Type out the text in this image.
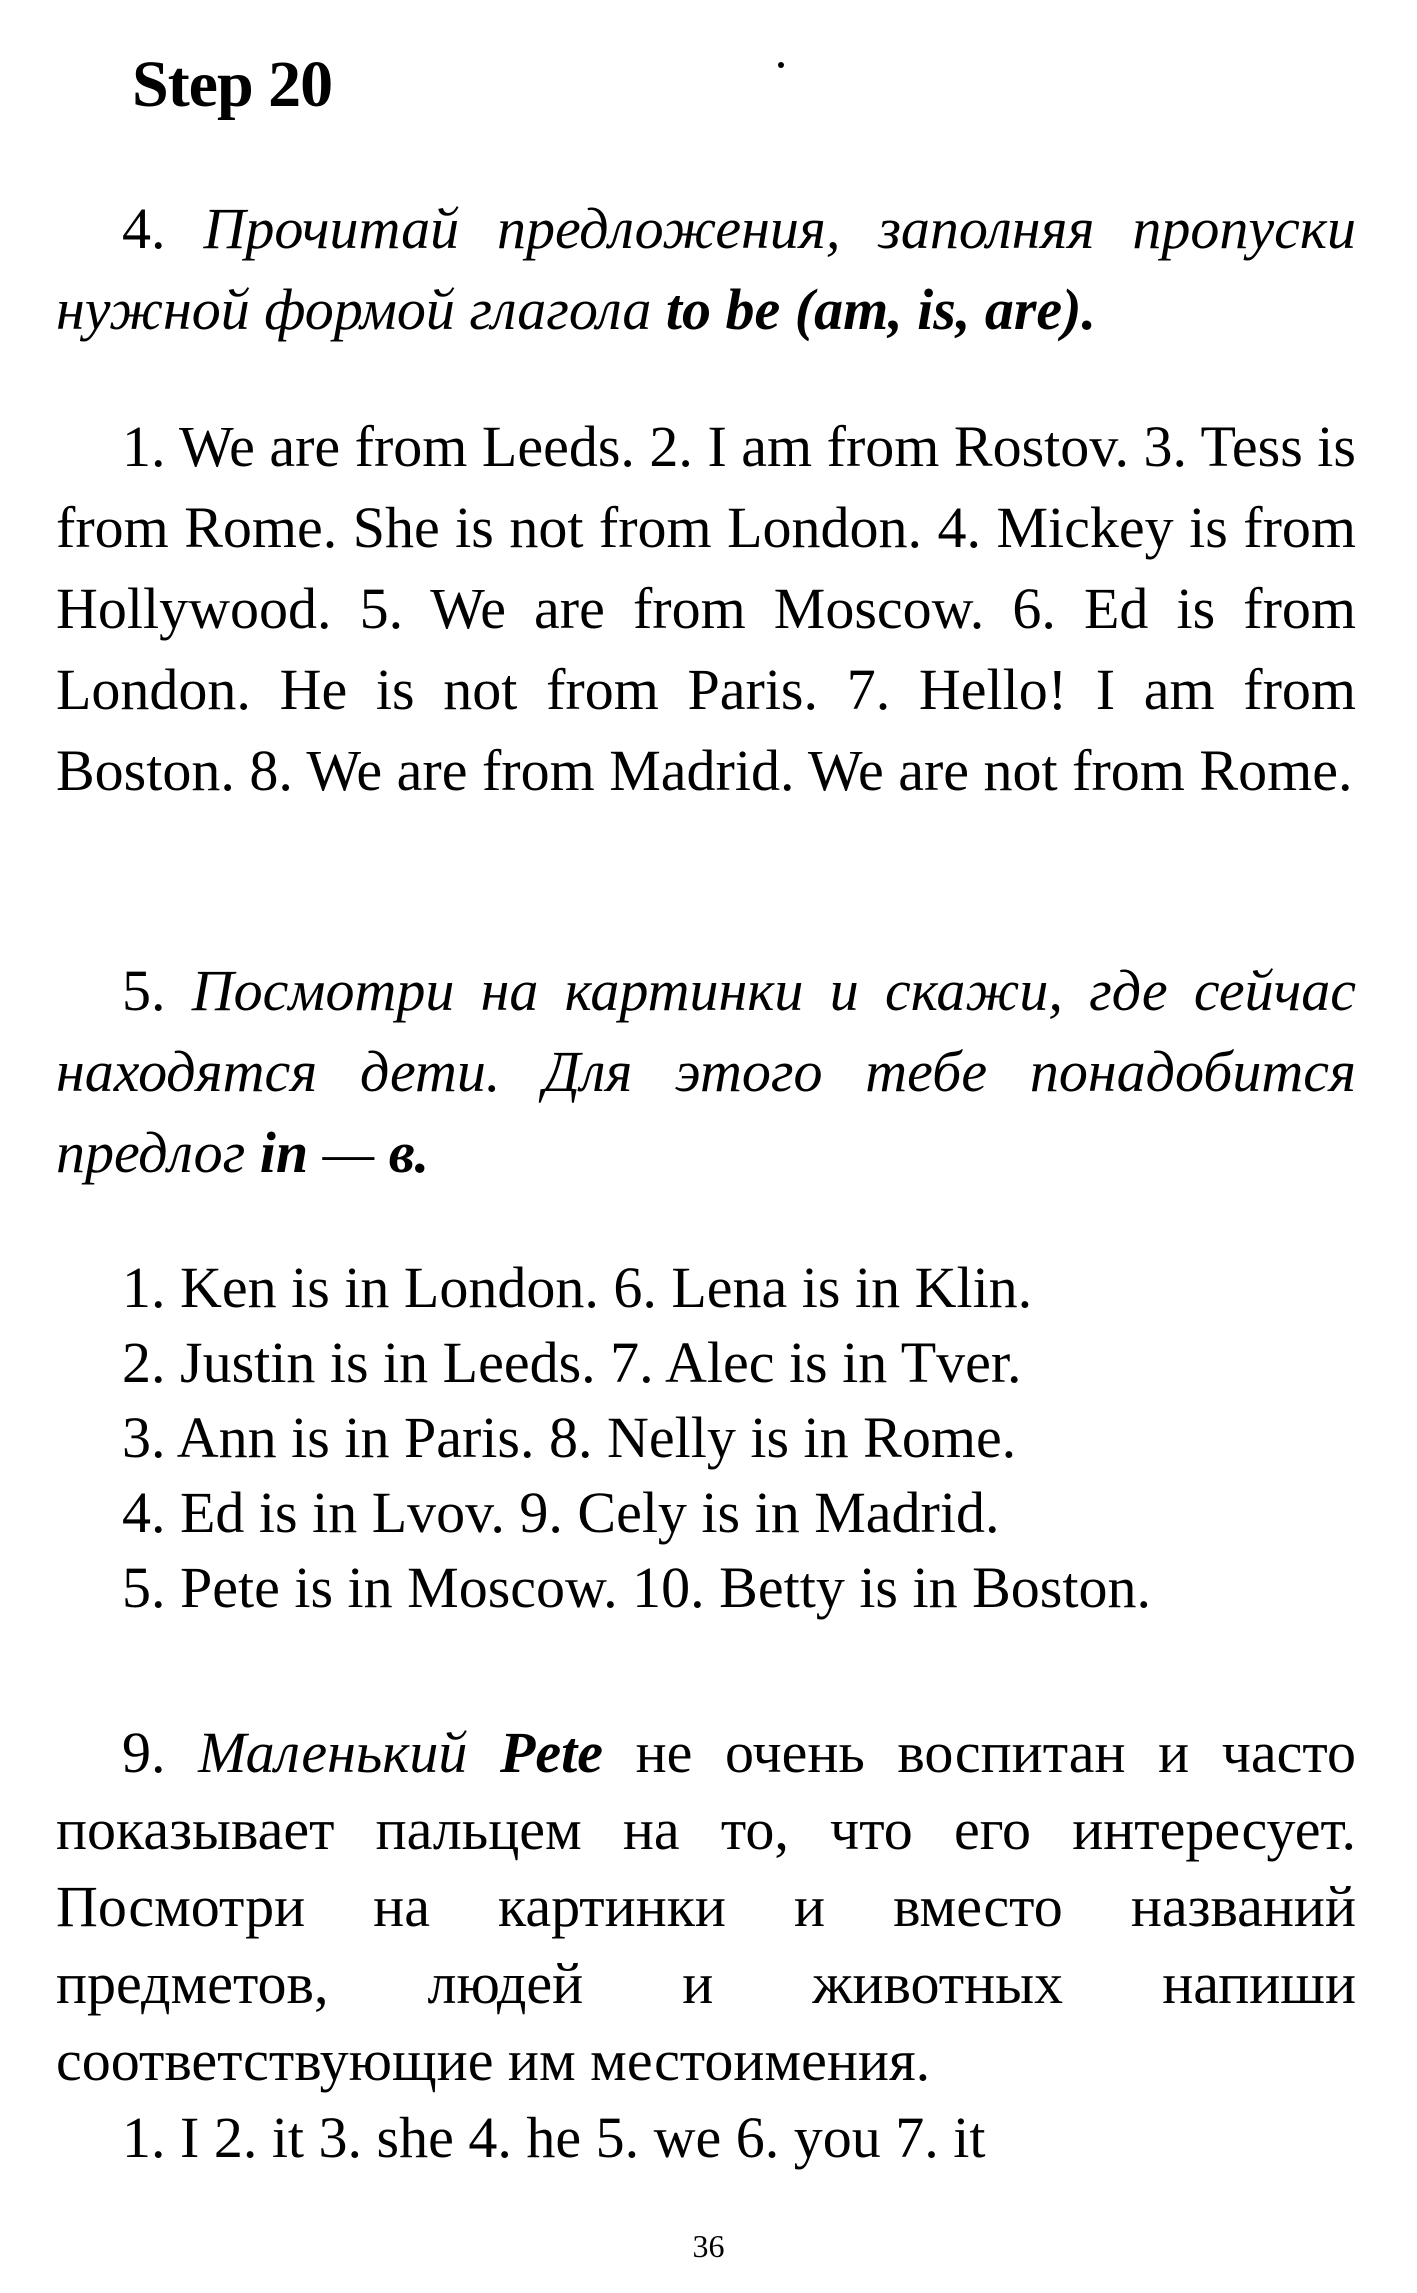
Step 20

4. Прочитай предложения, заполняя пропуски нужной формой глагола to be (am, is, are).

1. We are from Leeds. 2. I am from Rostov. 3. Tess is from Rome. She is not from London. 4. Mickey is from Hollywood. 5. We are from Moscow. 6. Ed is from London. He is not from Paris. 7. Hello! I am from Boston. 8. We are from Madrid. We are not from Rome.

5. Посмотри на картинки и скажи, где сейчас находятся дети. Для этого тебе понадобится предлог in — в.

1. Ken is in London. 6. Lena is in Klin.
2. Justin is in Leeds. 7. Alec is in Tver.
3. Ann is in Paris. 8. Nelly is in Rome.
4. Ed is in Lvov. 9. Cely is in Madrid.
5. Pete is in Moscow. 10. Betty is in Boston.

9. Маленький Pete не очень воспитан и часто показывает пальцем на то, что его интересует. Посмотри на картинки и вместо названий предметов, людей и животных напиши соответствующие им местоимения.

1. I 2. it 3. she 4. he 5. we 6. you 7. it

36
